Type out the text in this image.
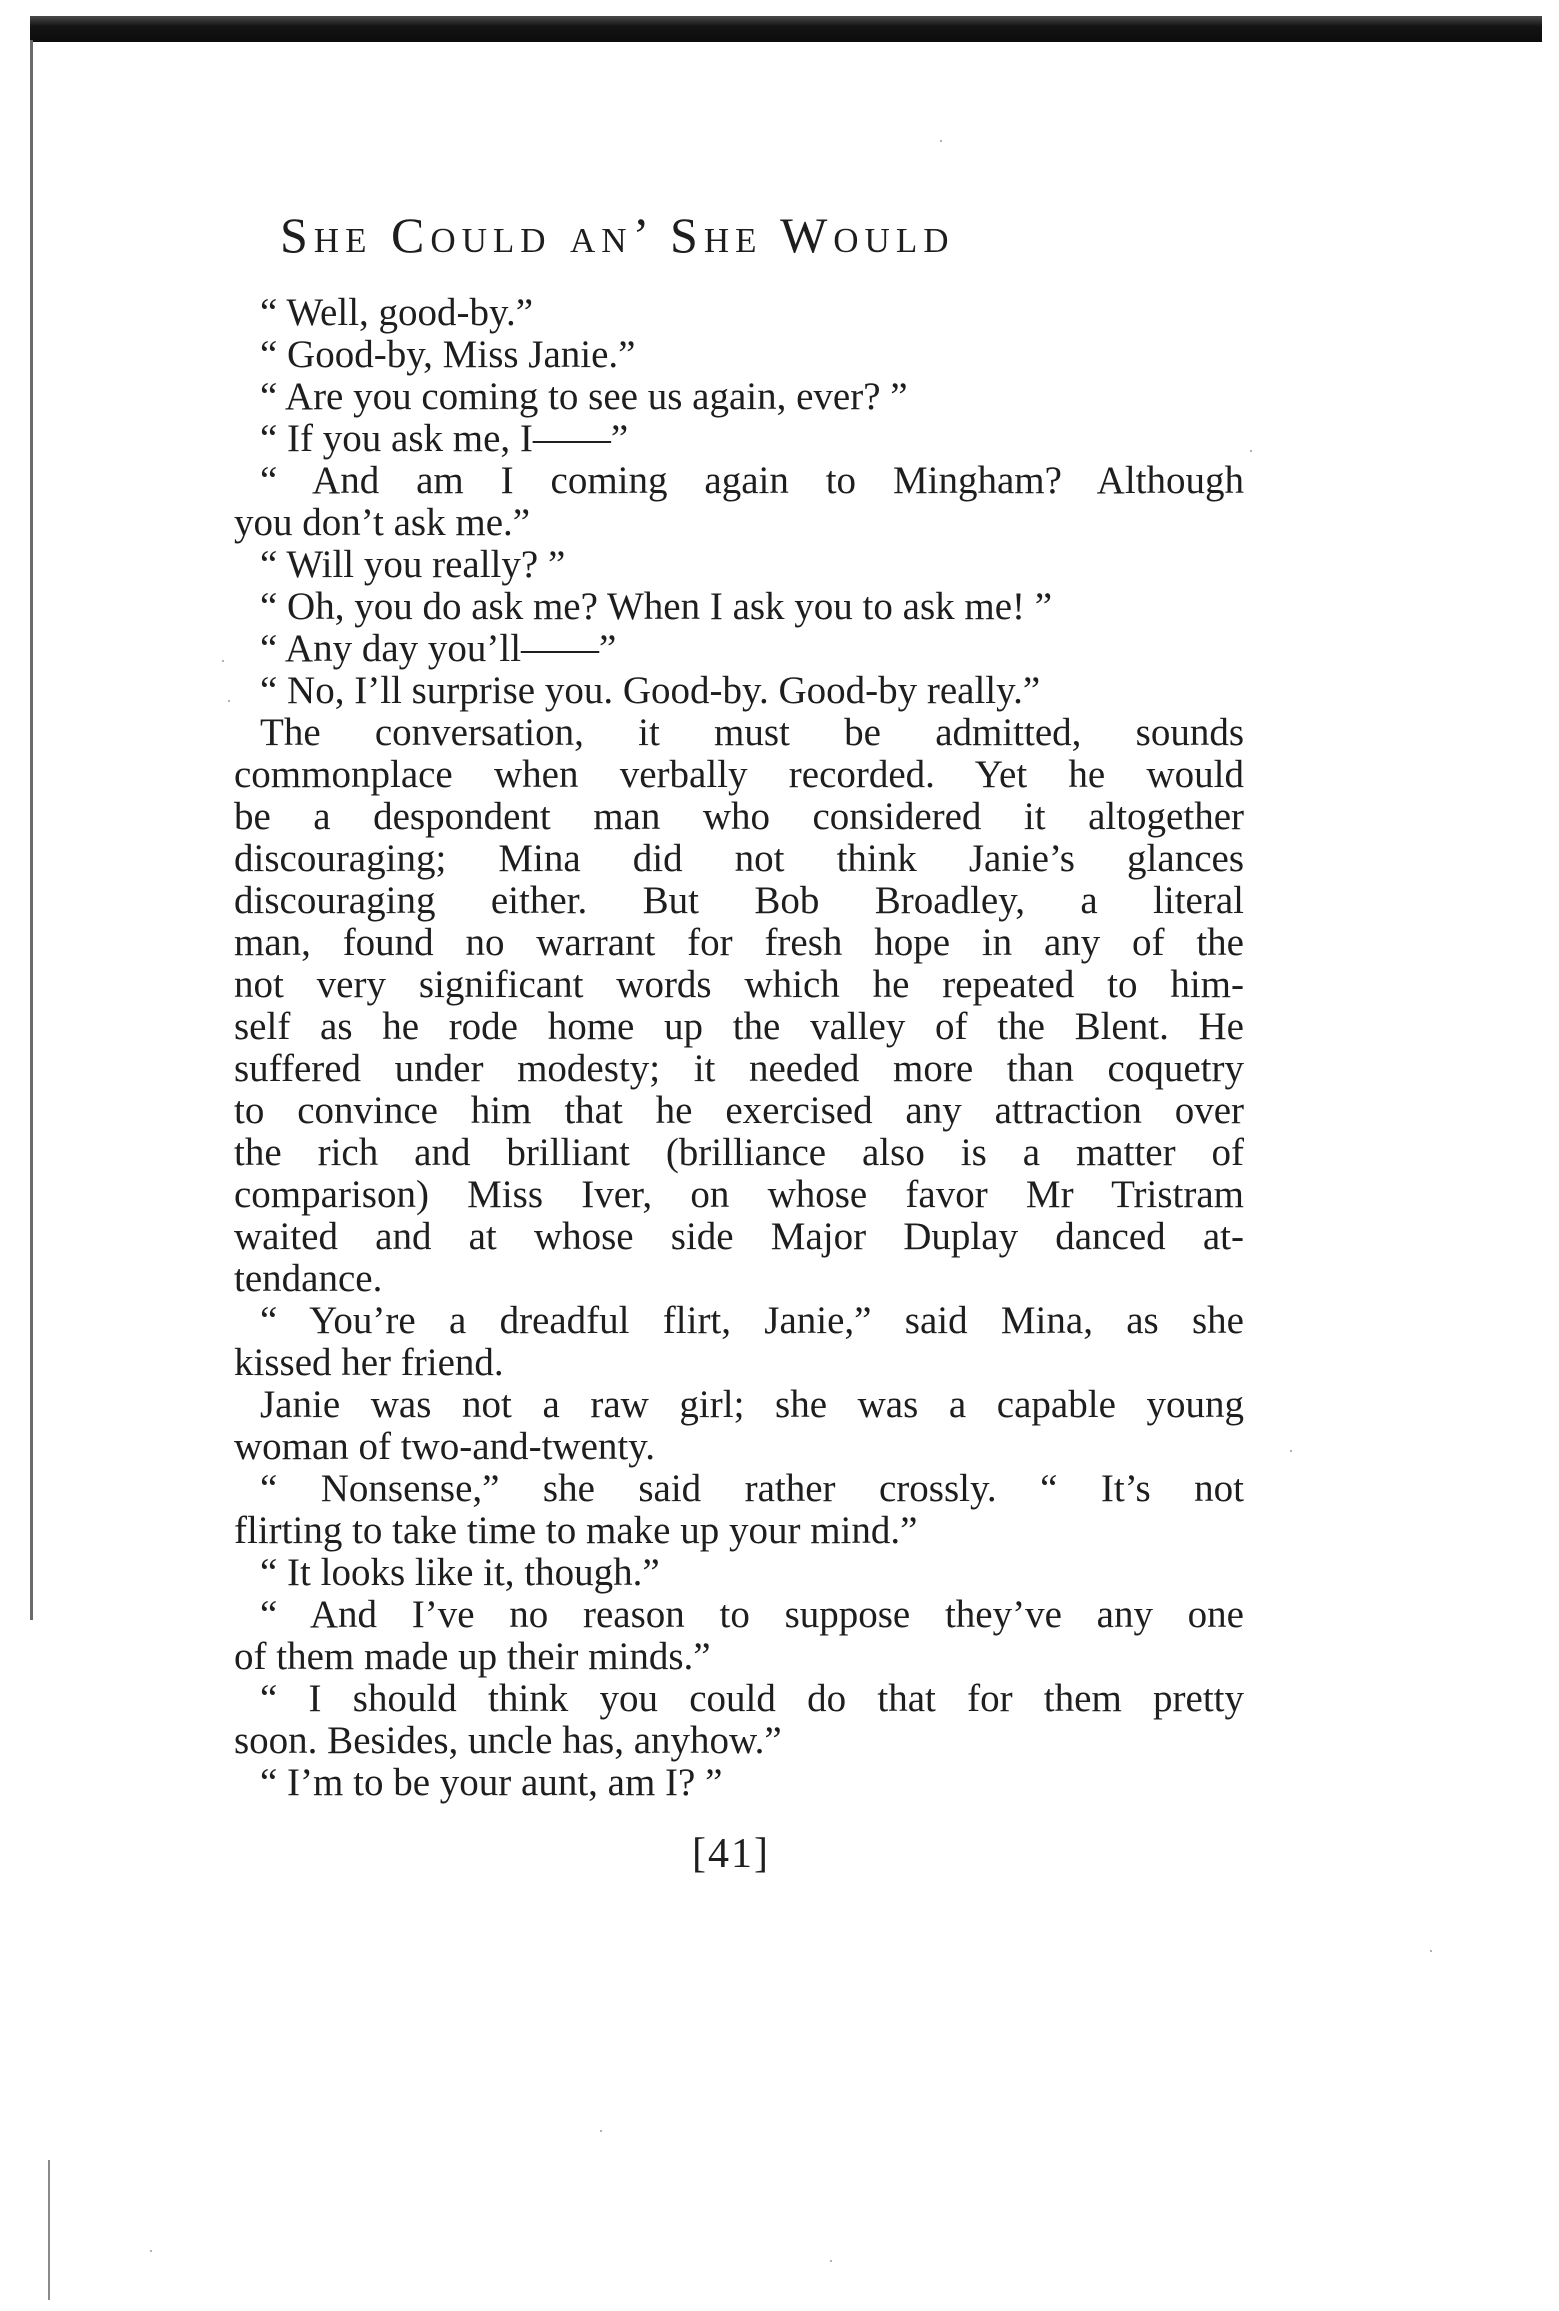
She Could an’ She Would
“ Well, good-by.”
“ Good-by, Miss Janie.”
“ Are you coming to see us again, ever? ”
“ If you ask me, I——”
“ And am I coming again to Mingham? Although
you don’t ask me.”
“ Will you really? ”
“ Oh, you do ask me? When I ask you to ask me! ”
“ Any day you’ll——”
“ No, I’ll surprise you. Good-by. Good-by really.”
The conversation, it must be admitted, sounds
commonplace when verbally recorded. Yet he would
be a despondent man who considered it altogether
discouraging; Mina did not think Janie’s glances
discouraging either. But Bob Broadley, a literal
man, found no warrant for fresh hope in any of the
not very significant words which he repeated to him-
self as he rode home up the valley of the Blent. He
suffered under modesty; it needed more than coquetry
to convince him that he exercised any attraction over
the rich and brilliant (brilliance also is a matter of
comparison) Miss Iver, on whose favor Mr Tristram
waited and at whose side Major Duplay danced at-
tendance.
“ You’re a dreadful flirt, Janie,” said Mina, as she
kissed her friend.
Janie was not a raw girl; she was a capable young
woman of two-and-twenty.
“ Nonsense,” she said rather crossly. “ It’s not
flirting to take time to make up your mind.”
“ It looks like it, though.”
“ And I’ve no reason to suppose they’ve any one
of them made up their minds.”
“ I should think you could do that for them pretty
soon. Besides, uncle has, anyhow.”
“ I’m to be your aunt, am I? ”
[41]
